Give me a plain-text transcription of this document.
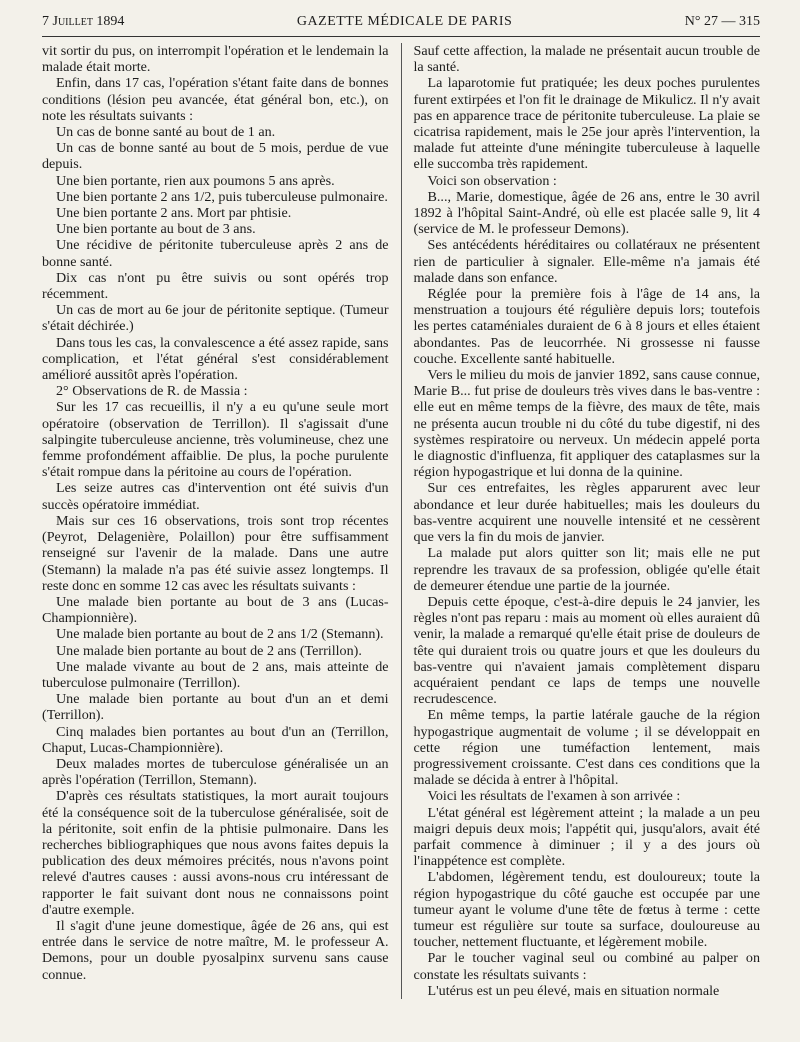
7 Juillet 1894	GAZETTE MÉDICALE DE PARIS	N° 27 — 315

vit sortir du pus, on interrompit l'opération et le lendemain la malade était morte.

Enfin, dans 17 cas, l'opération s'étant faite dans de bonnes conditions (lésion peu avancée, état général bon, etc.), on note les résultats suivants :

Un cas de bonne santé au bout de 1 an.

Un cas de bonne santé au bout de 5 mois, perdue de vue depuis.

Une bien portante, rien aux poumons 5 ans après.

Une bien portante 2 ans 1/2, puis tuberculeuse pulmonaire.

Une bien portante 2 ans. Mort par phtisie.

Une bien portante au bout de 3 ans.

Une récidive de péritonite tuberculeuse après 2 ans de bonne santé.

Dix cas n'ont pu être suivis ou sont opérés trop récemment.

Un cas de mort au 6e jour de péritonite septique. (Tumeur s'était déchirée.)

Dans tous les cas, la convalescence a été assez rapide, sans complication, et l'état général s'est considérablement amélioré aussitôt après l'opération.

2° Observations de R. de Massia :

Sur les 17 cas recueillis, il n'y a eu qu'une seule mort opératoire (observation de Terrillon). Il s'agissait d'une salpingite tuberculeuse ancienne, très volumineuse, chez une femme profondément affaiblie. De plus, la poche purulente s'était rompue dans la péritoine au cours de l'opération.

Les seize autres cas d'intervention ont été suivis d'un succès opératoire immédiat.

Mais sur ces 16 observations, trois sont trop récentes (Peyrot, Delagenière, Polaillon) pour être suffisamment renseigné sur l'avenir de la malade. Dans une autre (Stemann) la malade n'a pas été suivie assez longtemps. Il reste donc en somme 12 cas avec les résultats suivants :

Une malade bien portante au bout de 3 ans (Lucas-Championnière).

Une malade bien portante au bout de 2 ans 1/2 (Stemann).

Une malade bien portante au bout de 2 ans (Terrillon).

Une malade vivante au bout de 2 ans, mais atteinte de tuberculose pulmonaire (Terrillon).

Une malade bien portante au bout d'un an et demi (Terrillon).

Cinq malades bien portantes au bout d'un an (Terrillon, Chaput, Lucas-Championnière).

Deux malades mortes de tuberculose généralisée un an après l'opération (Terrillon, Stemann).

D'après ces résultats statistiques, la mort aurait toujours été la conséquence soit de la tuberculose généralisée, soit de la péritonite, soit enfin de la phtisie pulmonaire. Dans les recherches bibliographiques que nous avons faites depuis la publication des deux mémoires précités, nous n'avons point relevé d'autres causes : aussi avons-nous cru intéressant de rapporter le fait suivant dont nous ne connaissons point d'autre exemple.

Il s'agit d'une jeune domestique, âgée de 26 ans, qui est entrée dans le service de notre maître, M. le professeur A. Demons, pour un double pyosalpinx survenu sans cause connue.

Sauf cette affection, la malade ne présentait aucun trouble de la santé.

La laparotomie fut pratiquée; les deux poches purulentes furent extirpées et l'on fit le drainage de Mikulicz. Il n'y avait pas en apparence trace de péritonite tuberculeuse. La plaie se cicatrisa rapidement, mais le 25e jour après l'intervention, la malade fut atteinte d'une méningite tuberculeuse à laquelle elle succomba très rapidement.

Voici son observation :

B..., Marie, domestique, âgée de 26 ans, entre le 30 avril 1892 à l'hôpital Saint-André, où elle est placée salle 9, lit 4 (service de M. le professeur Demons).

Ses antécédents héréditaires ou collatéraux ne présentent rien de particulier à signaler. Elle-même n'a jamais été malade dans son enfance.

Réglée pour la première fois à l'âge de 14 ans, la menstruation a toujours été régulière depuis lors; toutefois les pertes cataméniales duraient de 6 à 8 jours et elles étaient abondantes. Pas de leucorrhée. Ni grossesse ni fausse couche. Excellente santé habituelle.

Vers le milieu du mois de janvier 1892, sans cause connue, Marie B... fut prise de douleurs très vives dans le bas-ventre : elle eut en même temps de la fièvre, des maux de tête, mais ne présenta aucun trouble ni du côté du tube digestif, ni des systèmes respiratoire ou nerveux. Un médecin appelé porta le diagnostic d'influenza, fit appliquer des cataplasmes sur la région hypogastrique et lui donna de la quinine.

Sur ces entrefaites, les règles apparurent avec leur abondance et leur durée habituelles; mais les douleurs du bas-ventre acquirent une nouvelle intensité et ne cessèrent que vers la fin du mois de janvier.

La malade put alors quitter son lit; mais elle ne put reprendre les travaux de sa profession, obligée qu'elle était de demeurer étendue une partie de la journée.

Depuis cette époque, c'est-à-dire depuis le 24 janvier, les règles n'ont pas reparu : mais au moment où elles auraient dû venir, la malade a remarqué qu'elle était prise de douleurs de tête qui duraient trois ou quatre jours et que les douleurs du bas-ventre qui n'avaient jamais complètement disparu acquéraient pendant ce laps de temps une nouvelle recrudescence.

En même temps, la partie latérale gauche de la région hypogastrique augmentait de volume ; il se développait en cette région une tuméfaction lentement, mais progressivement croissante. C'est dans ces conditions que la malade se décida à entrer à l'hôpital.

Voici les résultats de l'examen à son arrivée :

L'état général est légèrement atteint ; la malade a un peu maigri depuis deux mois; l'appétit qui, jusqu'alors, avait été parfait commence à diminuer ; il y a des jours où l'inappétence est complète.

L'abdomen, légèrement tendu, est douloureux; toute la région hypogastrique du côté gauche est occupée par une tumeur ayant le volume d'une tête de fœtus à terme : cette tumeur est régulière sur toute sa surface, douloureuse au toucher, nettement fluctuante, et légèrement mobile.

Par le toucher vaginal seul ou combiné au palper on constate les résultats suivants :

L'utérus est un peu élevé, mais en situation normale
